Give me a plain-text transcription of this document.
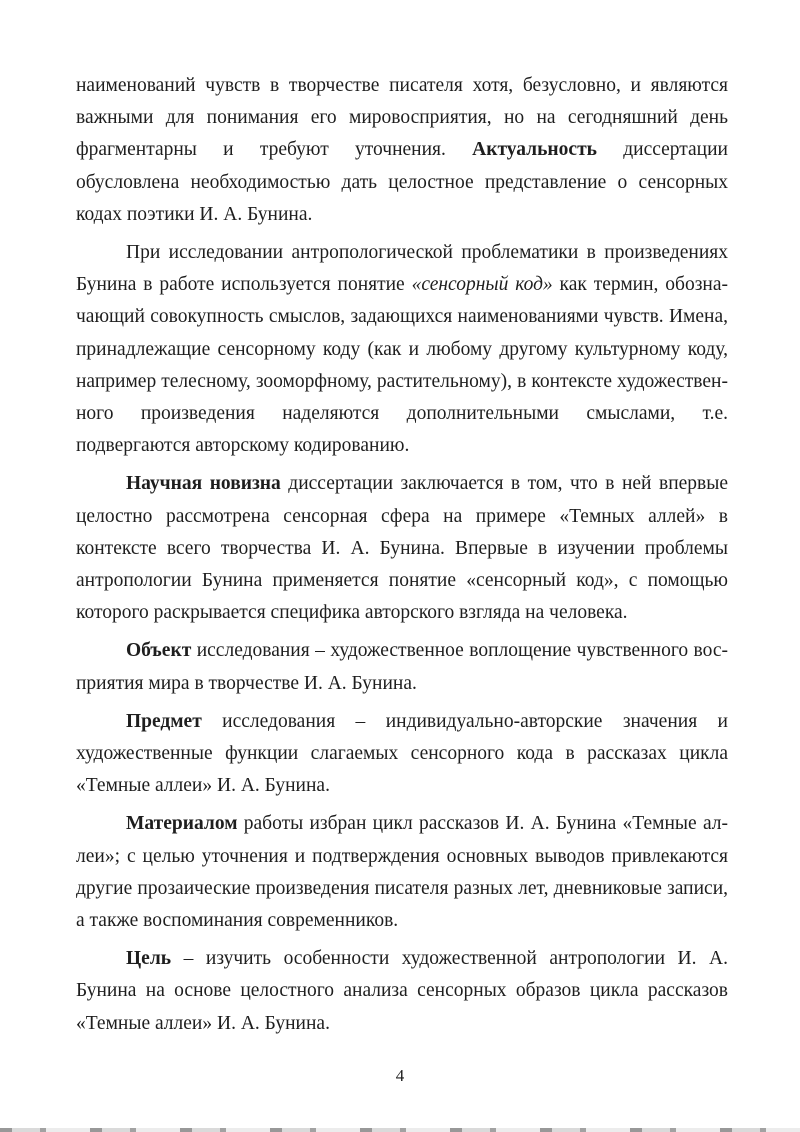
наименований чувств в творчестве писателя хотя, безусловно, и являются важными для понимания его мировосприятия, но на сегодняшний день фрагментарны и требуют уточнения. Актуальность диссертации обусловлена необходимостью дать целостное представление о сенсорных кодах поэтики И. А. Бунина.

При исследовании антропологической проблематики в произведениях Бунина в работе используется понятие «сенсорный код» как термин, обозначающий совокупность смыслов, задающихся наименованиями чувств. Имена, принадлежащие сенсорному коду (как и любому другому культурному коду, например телесному, зооморфному, растительному), в контексте художественного произведения наделяются дополнительными смыслами, т.е. подвергаются авторскому кодированию.

Научная новизна диссертации заключается в том, что в ней впервые целостно рассмотрена сенсорная сфера на примере «Темных аллей» в контексте всего творчества И. А. Бунина. Впервые в изучении проблемы антропологии Бунина применяется понятие «сенсорный код», с помощью которого раскрывается специфика авторского взгляда на человека.

Объект исследования – художественное воплощение чувственного восприятия мира в творчестве И. А. Бунина.

Предмет исследования – индивидуально-авторские значения и художественные функции слагаемых сенсорного кода в рассказах цикла «Темные аллеи» И. А. Бунина.

Материалом работы избран цикл рассказов И. А. Бунина «Темные аллеи»; с целью уточнения и подтверждения основных выводов привлекаются другие прозаические произведения писателя разных лет, дневниковые записи, а также воспоминания современников.

Цель – изучить особенности художественной антропологии И. А. Бунина на основе целостного анализа сенсорных образов цикла рассказов «Темные аллеи» И. А. Бунина.

4
